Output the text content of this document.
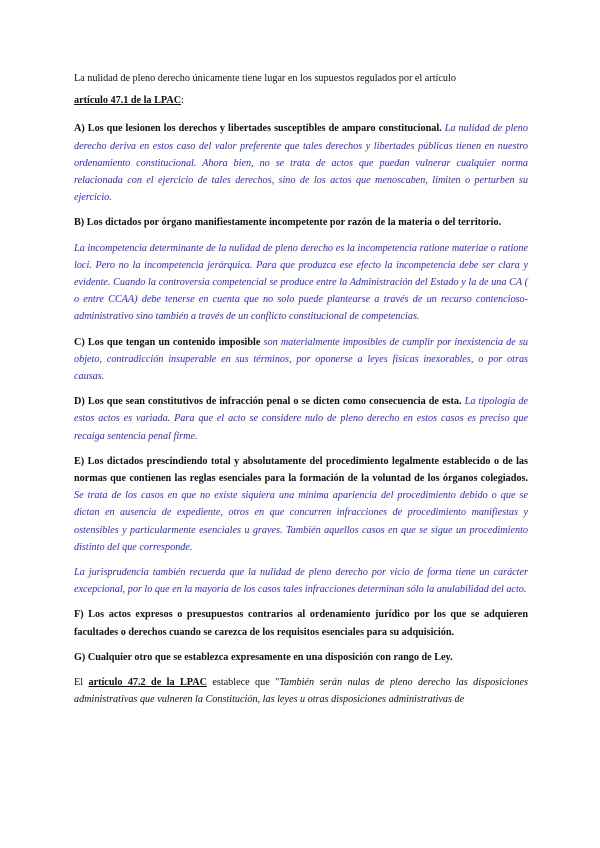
La nulidad de pleno derecho únicamente tiene lugar en los supuestos regulados por el artículo

artículo 47.1 de la LPAC:

A) Los que lesionen los derechos y libertades susceptibles de amparo constitucional. La nulidad de pleno derecho deriva en estos caso del valor preferente que tales derechos y libertades públicas tienen en nuestro ordenamiento constitucional. Ahora bien, no se trata de actos que puedan vulnerar cualquier norma relacionada con el ejercicio de tales derechos, sino de los actos que menoscaben, limiten o perturben su ejercicio.

B) Los dictados por órgano manifiestamente incompetente por razón de la materia o del territorio.

La incompetencia determinante de la nulidad de pleno derecho es la incompetencia ratione materiae o ratione loci. Pero no la incompetencia jerárquica. Para que produzca ese efecto la incompetencia debe ser clara y evidente. Cuando la controversia competencial se produce entre la Administración del Estado y la de una CA ( o entre CCAA) debe tenerse en cuenta que no solo puede plantearse a través de un recurso contencioso-administrativo sino también a través de un conflicto constitucional de competencias.

C) Los que tengan un contenido imposible son materialmente imposibles de cumplir por inexistencia de su objeto, contradicción insuperable en sus términos, por oponerse a leyes físicas inexorables, o por otras causas.

D) Los que sean constitutivos de infracción penal o se dicten como consecuencia de esta. La tipología de estos actos es variada. Para que el acto se considere nulo de pleno derecho en estos casos es preciso que recaiga sentencia penal firme.

E) Los dictados prescindiendo total y absolutamente del procedimiento legalmente establecido o de las normas que contienen las reglas esenciales para la formación de la voluntad de los órganos colegiados. Se trata de los casos en que no existe siquiera una mínima apariencia del procedimiento debido o que se dictan en ausencia de expediente, otros en que concurren infracciones de procedimiento manifiestas y ostensibles y particularmente esenciales u graves. También aquellos casos en que se sigue un procedimiento distinto del que corresponde.

La jurisprudencia también recuerda que la nulidad de pleno derecho por vicio de forma tiene un carácter excepcional, por lo que en la mayoría de los casos tales infracciones determinan sólo la anulabilidad del acto.

F) Los actos expresos o presupuestos contrarios al ordenamiento jurídico por los que se adquieren facultades o derechos cuando se carezca de los requisitos esenciales para su adquisición.

G) Cualquier otro que se establezca expresamente en una disposición con rango de Ley.

El artículo 47.2 de la LPAC establece que "También serán nulas de pleno derecho las disposiciones administrativas que vulneren la Constitución, las leyes u otras disposiciones administrativas de
